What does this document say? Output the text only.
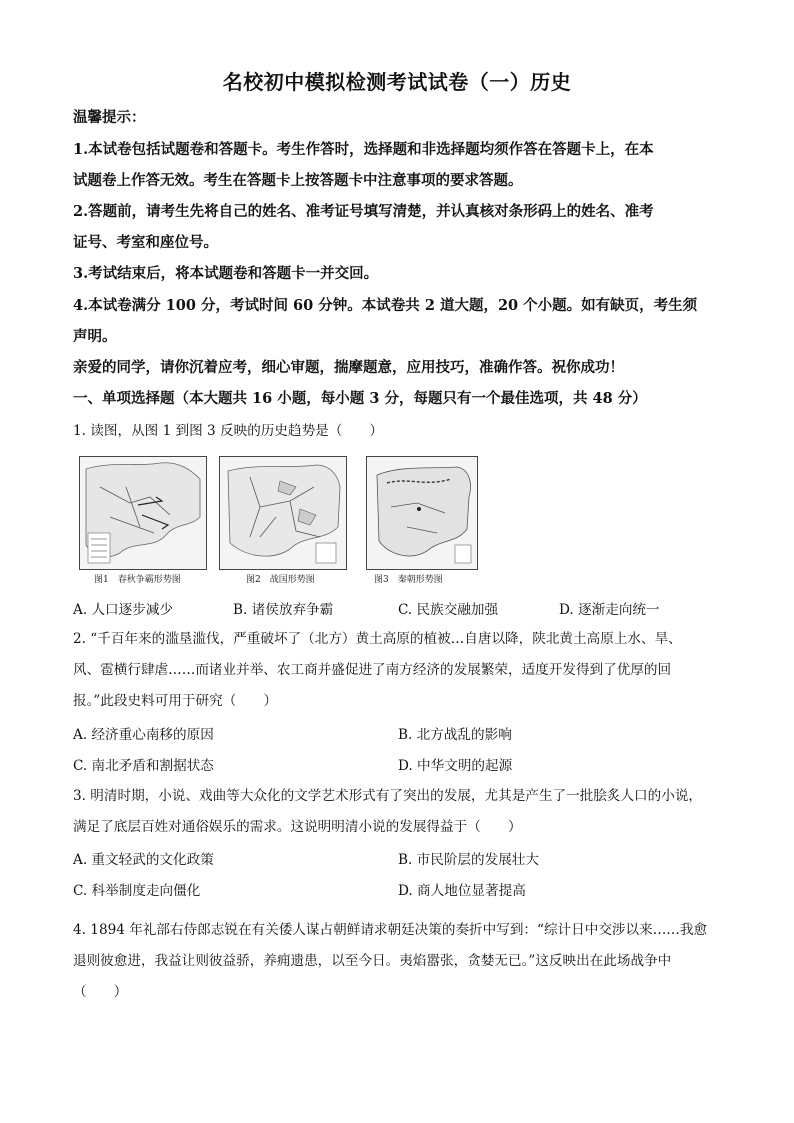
名校初中模拟检测考试试卷（一）历史
温馨提示：
1.本试卷包括试题卷和答题卡。考生作答时，选择题和非选择题均须作答在答题卡上，在本
试题卷上作答无效。考生在答题卡上按答题卡中注意事项的要求答题。
2.答题前，请考生先将自己的姓名、准考证号填写清楚，并认真核对条形码上的姓名、准考
证号、考室和座位号。
3.考试结束后，将本试题卷和答题卡一并交回。
4.本试卷满分 100 分，考试时间 60 分钟。本试卷共 2 道大题，20 个小题。如有缺页，考生须
声明。
亲爱的同学，请你沉着应考，细心审题，揣摩题意，应用技巧，准确作答。祝你成功！
一、单项选择题（本大题共 16 小题，每小题 3 分，每题只有一个最佳选项，共 48 分）
1. 读图，从图 1 到图 3 反映的历史趋势是（　　）
图1　春秋争霸形势图	图2　战国形势图	图3　秦朝形势图
A. 人口逐步减少	B. 诸侯放弃争霸	C. 民族交融加强	D. 逐渐走向统一
2. “千百年来的滥垦滥伐，严重破坏了（北方）黄土高原的植被…自唐以降，陕北黄土高原上水、旱、
风、雹横行肆虐……而诸业并举、农工商并盛促进了南方经济的发展繁荣，适度开发得到了优厚的回
报。”此段史料可用于研究（　　）
A. 经济重心南移的原因	B. 北方战乱的影响
C. 南北矛盾和割据状态	D. 中华文明的起源
3. 明清时期，小说、戏曲等大众化的文学艺术形式有了突出的发展，尤其是产生了一批脍炙人口的小说，
满足了底层百姓对通俗娱乐的需求。这说明明清小说的发展得益于（　　）
A. 重文轻武的文化政策	B. 市民阶层的发展壮大
C. 科举制度走向僵化	D. 商人地位显著提高
4. 1894 年礼部右侍郎志锐在有关倭人谋占朝鲜请求朝廷决策的奏折中写到：“综计日中交涉以来……我愈
退则彼愈进，我益让则彼益骄，养痈遗患，以至今日。夷焰嚣张，贪婪无已。”这反映出在此场战争中
（　　）
